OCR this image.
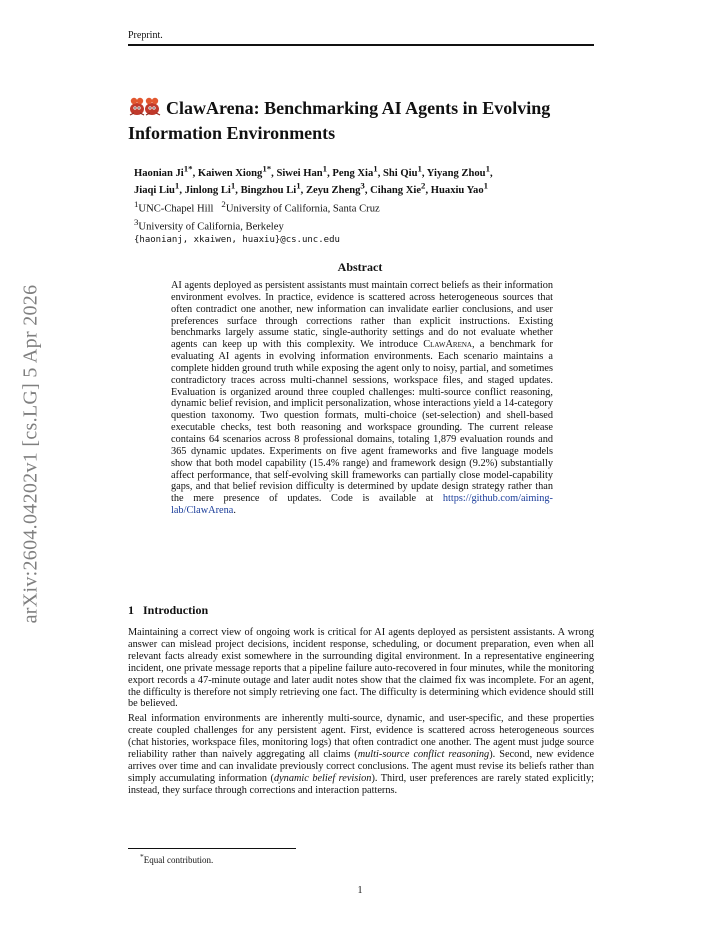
Preprint.
arXiv:2604.04202v1 [cs.LG] 5 Apr 2026
ClawArena: Benchmarking AI Agents in Evolving
Information Environments
Haonian $Ji^{1*}$, Kaiwen Xiong$^{1*}$, Siwei Han$^1$, Peng Xia$^1$, Shi Qiu$^1$, Yiyang Zhou$^1$,
Jiaqi Liu$^1$, Jinlong Li$^1$, Bingzhou Li$^1$, Zeyu Zheng$^3$, Cihang Xie$^2$, Huaxiu Yao$^1$
$^1$UNC-Chapel Hill $^2$University of California, Santa Cruz
$^3$University of California, Berkeley
{haonianj, xkaiwen, huaxiu}@cs.unc.edu
Abstract
AI agents deployed as persistent assistants must maintain correct beliefs as their information environment evolves. In practice, evidence is scattered across heterogeneous sources that often contradict one another, new information can invalidate earlier conclusions, and user preferences surface through corrections rather than explicit instructions. Existing benchmarks largely assume static, single-authority settings and do not evaluate whether agents can keep up with this complexity. We introduce ClawArena, a benchmark for evaluating AI agents in evolving information environments. Each scenario maintains a complete hidden ground truth while exposing the agent only to noisy, partial, and sometimes contradictory traces across multi-channel sessions, workspace files, and staged updates. Evaluation is organized around three coupled challenges: multi-source conflict reasoning, dynamic belief revision, and implicit personalization, whose interactions yield a 14-category question taxonomy. Two question formats, multi-choice (set-selection) and shell-based executable checks, test both reasoning and workspace grounding. The current release contains 64 scenarios across 8 professional domains, totaling 1,879 evaluation rounds and 365 dynamic updates. Experiments on five agent frameworks and five language models show that both model capability (15.4% range) and framework design (9.2%) substantially affect performance, that self-evolving skill frameworks can partially close model-capability gaps, and that belief revision difficulty is determined by update design strategy rather than the mere presence of updates. Code is available at https://github.com/aiming-lab/ClawArena.
1 Introduction

Maintaining a correct view of ongoing work is critical for AI agents deployed as persistent assistants. A wrong answer can mislead project decisions, incident response, scheduling, or document preparation, even when all relevant facts already exist somewhere in the surrounding digital environment. In a representative engineering incident, one private message reports that a pipeline failure auto-recovered in four minutes, while the monitoring export records a 47-minute outage and later audit notes show that the claimed fix was incomplete. For an agent, the difficulty is therefore not simply retrieving one fact. The difficulty is determining which evidence should still be believed.

Real information environments are inherently multi-source, dynamic, and user-specific, and these properties create coupled challenges for any persistent agent. First, evidence is scattered across heterogeneous sources (chat histories, workspace files, monitoring logs) that often contradict one another. The agent must judge source reliability rather than naively aggregating all claims (multi-source conflict reasoning). Second, new evidence arrives over time and can invalidate previously correct conclusions. The agent must revise its beliefs rather than simply accumulating information (dynamic belief revision). Third, user preferences are rarely stated explicitly; instead, they surface through corrections and interaction patterns.

*Equal contribution.
1
